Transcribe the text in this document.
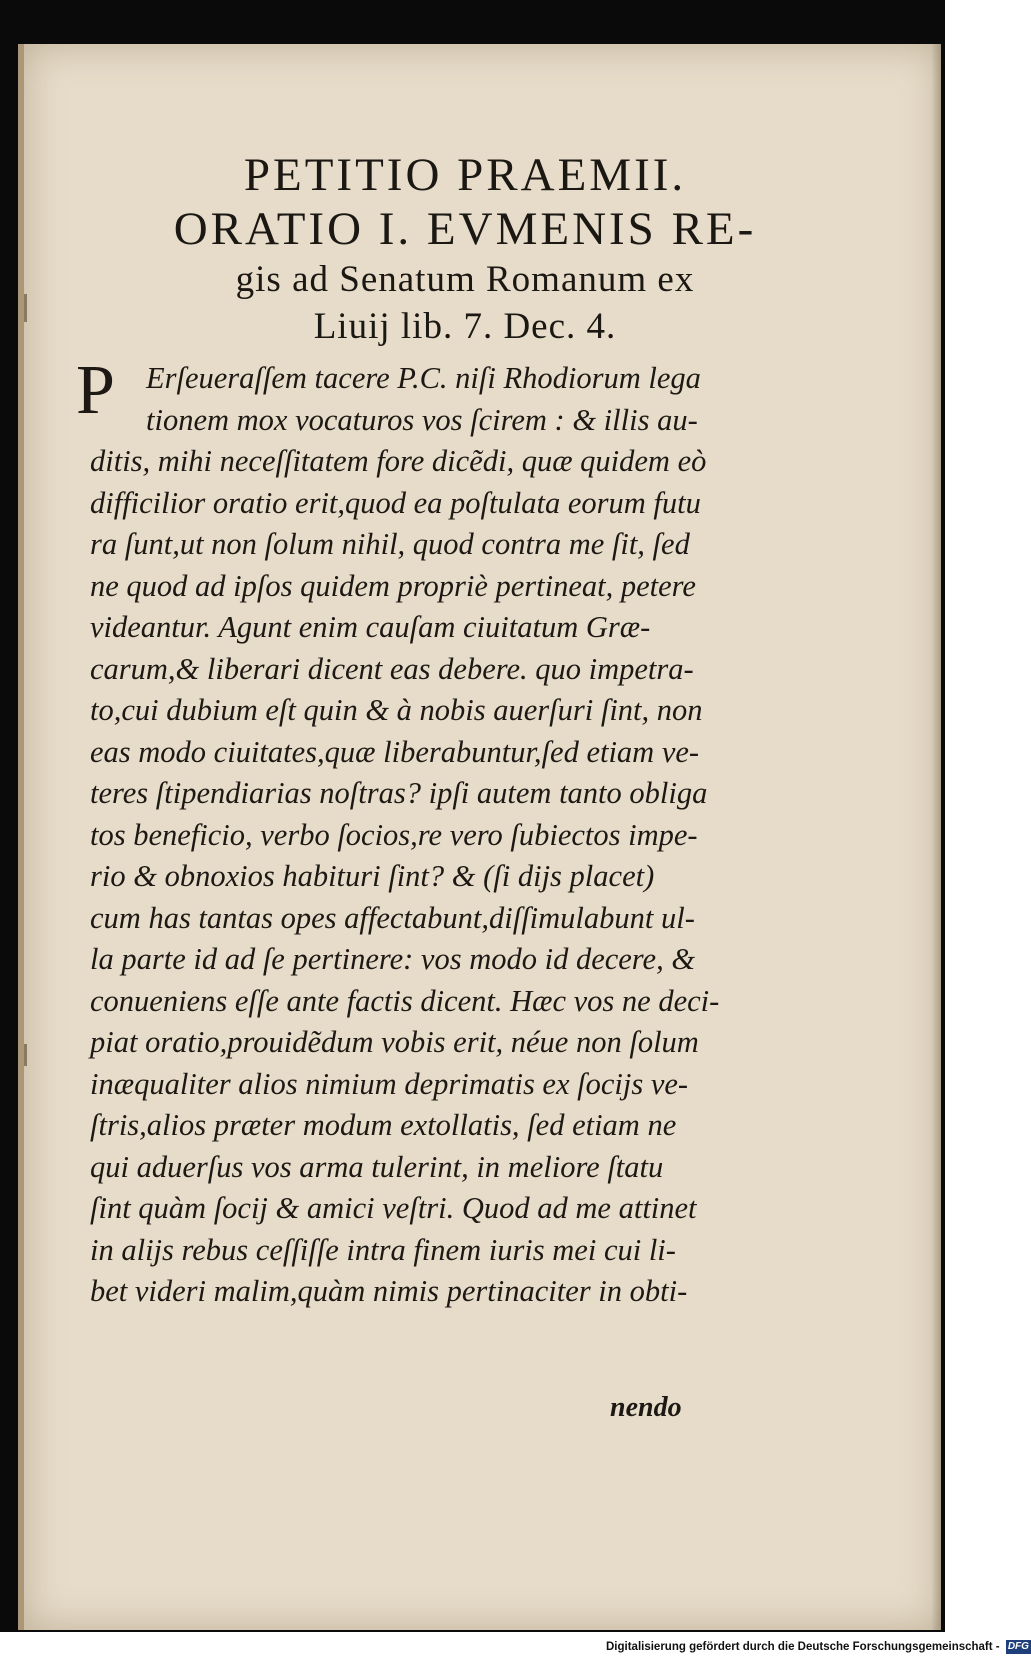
PETITIO PRAEMII.
ORATIO I. EVMENIS RE-
gis ad Senatum Romanum ex
Liuij lib. 7. Dec. 4.
P	Erſeueraſſem tacere P.C. niſi Rhodiorum lega
tionem mox vocaturos vos ſcirem : & illis au-
ditis, mihi neceſſitatem fore dicẽdi, quæ quidem eò
difficilior oratio erit,quod ea poſtulata eorum futu
ra ſunt,ut non ſolum nihil, quod contra me ſit, ſed
ne quod ad ipſos quidem propriè pertineat, petere
videantur. Agunt enim cauſam ciuitatum Græ-
carum,& liberari dicent eas debere. quo impetra-
to,cui dubium eſt quin & à nobis auerſuri ſint, non
eas modo ciuitates,quæ liberabuntur,ſed etiam ve-
teres ſtipendiarias noſtras? ipſi autem tanto obliga
tos beneficio, verbo ſocios,re vero ſubiectos impe-
rio & obnoxios habituri ſint? & (ſi dijs placet)
cum has tantas opes affectabunt,diſſimulabunt ul-
la parte id ad ſe pertinere: vos modo id decere, &
conueniens eſſe ante factis dicent. Hæc vos ne deci-
piat oratio,prouidẽdum vobis erit, néue non ſolum
inæqualiter alios nimium deprimatis ex ſocijs ve-
ſtris,alios præter modum extollatis, ſed etiam ne
qui aduerſus vos arma tulerint, in meliore ſtatu
ſint quàm ſocij & amici veſtri. Quod ad me attinet
in alijs rebus ceſſiſſe intra finem iuris mei cui li-
bet videri malim,quàm nimis pertinaciter in obti-
nendo
Digitalisierung gefördert durch die Deutsche Forschungsgemeinschaft - DFG
